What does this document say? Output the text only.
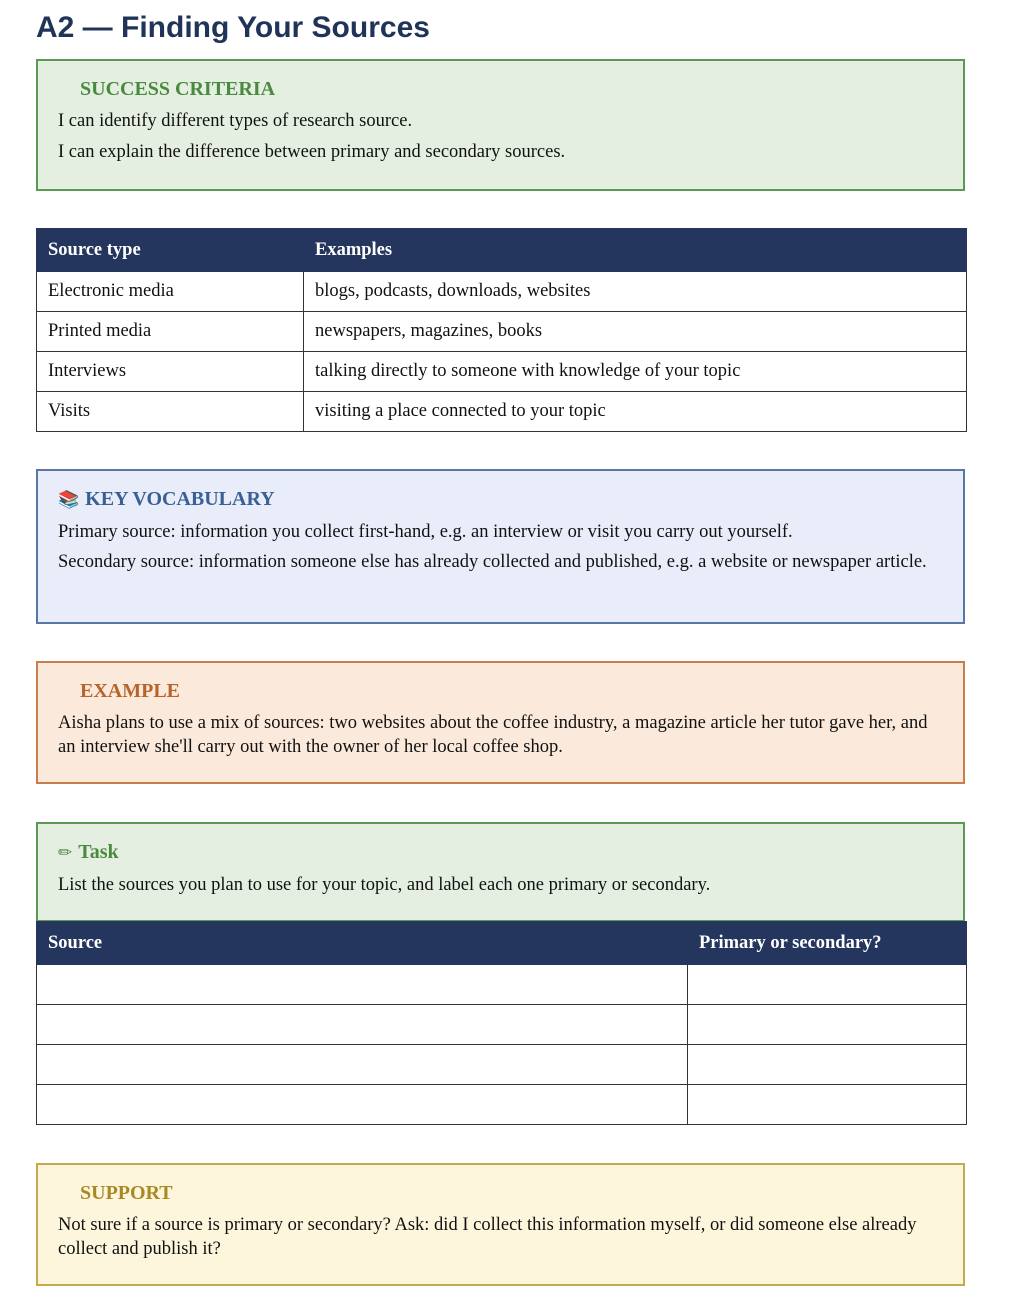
A2 — Finding Your Sources
SUCCESS CRITERIA

I can identify different types of research source.

I can explain the difference between primary and secondary sources.

Source type	Examples
Electronic media	blogs, podcasts, downloads, websites
Printed media	newspapers, magazines, books
Interviews	talking directly to someone with knowledge of your topic
Visits	visiting a place connected to your topic
📚 KEY VOCABULARY

Primary source: information you collect first-hand, e.g. an interview or visit you carry out yourself.

Secondary source: information someone else has already collected and published, e.g. a website or newspaper article.

EXAMPLE

Aisha plans to use a mix of sources: two websites about the coffee industry, a magazine article her tutor gave her, and an interview she'll carry out with the owner of her local coffee shop.

✏ Task

List the sources you plan to use for your topic, and label each one primary or secondary.

Source	Primary or secondary?

SUPPORT

Not sure if a source is primary or secondary? Ask: did I collect this information myself, or did someone else already collect and publish it?
